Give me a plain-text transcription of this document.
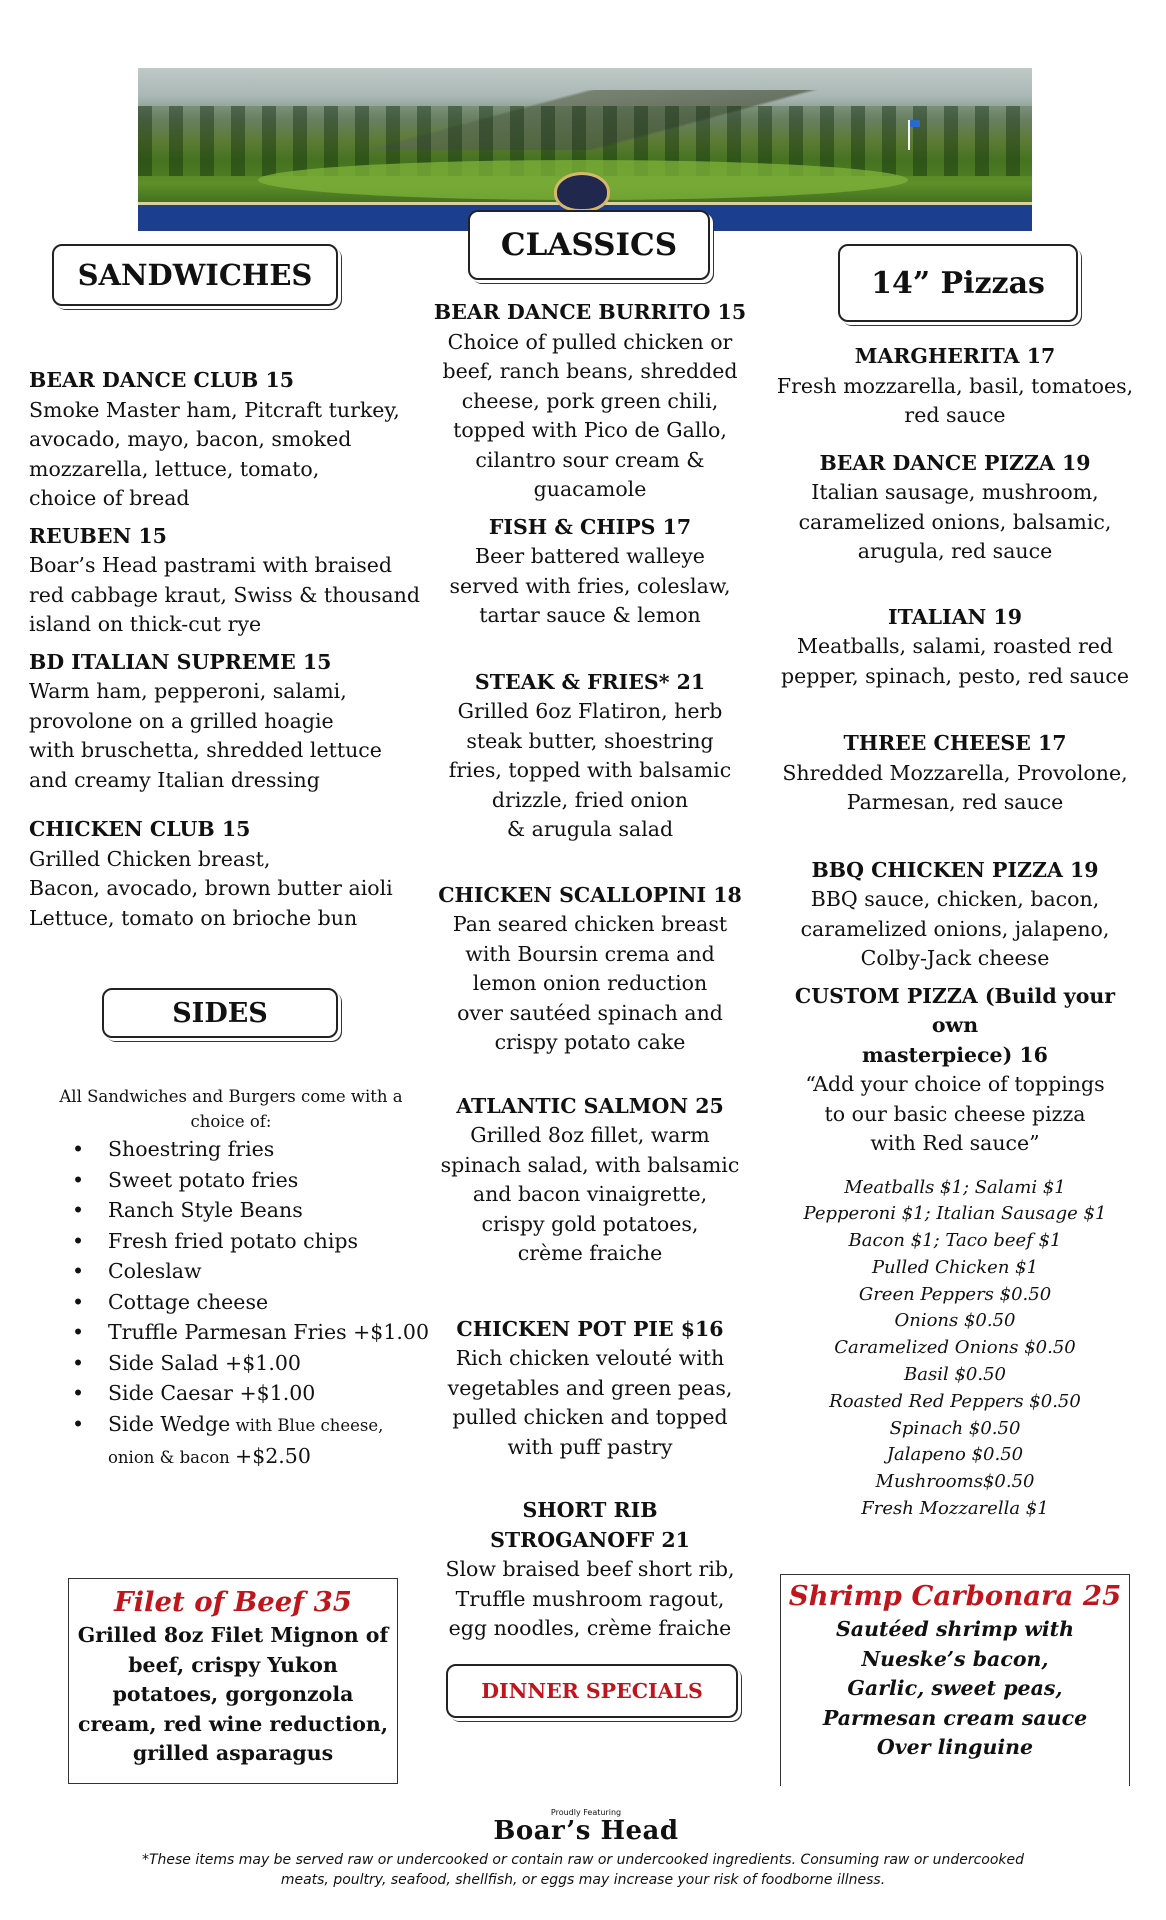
SANDWICHES
CLASSICS
14” Pizzas
SIDES
BEAR DANCE CLUB 15
Smoke Master ham, Pitcraft turkey,
avocado, mayo, bacon, smoked
mozzarella, lettuce, tomato,
choice of bread
REUBEN 15
Boar’s Head pastrami with braised
red cabbage kraut, Swiss & thousand
island on thick-cut rye
BD ITALIAN SUPREME 15
Warm ham, pepperoni, salami,
provolone on a grilled hoagie
with bruschetta, shredded lettuce
and creamy Italian dressing
CHICKEN CLUB 15
Grilled Chicken breast,
Bacon, avocado, brown butter aioli
Lettuce, tomato on brioche bun
All Sandwiches and Burgers come with a
choice of:
• Shoestring fries
• Sweet potato fries
• Ranch Style Beans
• Fresh fried potato chips
• Coleslaw
• Cottage cheese
• Truffle Parmesan Fries +$1.00
• Side Salad +$1.00
• Side Caesar +$1.00
• Side Wedge with Blue cheese,
onion & bacon +$2.50
BEAR DANCE BURRITO 15
Choice of pulled chicken or
beef, ranch beans, shredded
cheese, pork green chili,
topped with Pico de Gallo,
cilantro sour cream &
guacamole
FISH & CHIPS 17
Beer battered walleye
served with fries, coleslaw,
tartar sauce & lemon
STEAK & FRIES* 21
Grilled 6oz Flatiron, herb
steak butter, shoestring
fries, topped with balsamic
drizzle, fried onion
& arugula salad
CHICKEN SCALLOPINI 18
Pan seared chicken breast
with Boursin crema and
lemon onion reduction
over sautéed spinach and
crispy potato cake
ATLANTIC SALMON 25
Grilled 8oz fillet, warm
spinach salad, with balsamic
and bacon vinaigrette,
crispy gold potatoes,
crème fraiche
CHICKEN POT PIE $16
Rich chicken velouté with
vegetables and green peas,
pulled chicken and topped
with puff pastry
SHORT RIB
STROGANOFF 21
Slow braised beef short rib,
Truffle mushroom ragout,
egg noodles, crème fraiche
DINNER SPECIALS
MARGHERITA 17
Fresh mozzarella, basil, tomatoes,
red sauce
BEAR DANCE PIZZA 19
Italian sausage, mushroom,
caramelized onions, balsamic,
arugula, red sauce
ITALIAN 19
Meatballs, salami, roasted red
pepper, spinach, pesto, red sauce
THREE CHEESE 17
Shredded Mozzarella, Provolone,
Parmesan, red sauce
BBQ CHICKEN PIZZA 19
BBQ sauce, chicken, bacon,
caramelized onions, jalapeno,
Colby-Jack cheese
CUSTOM PIZZA (Build your own
masterpiece) 16
“Add your choice of toppings
to our basic cheese pizza
with Red sauce”
Meatballs $1; Salami $1
Pepperoni $1; Italian Sausage $1
Bacon $1; Taco beef $1
Pulled Chicken $1
Green Peppers $0.50
Onions $0.50
Caramelized Onions $0.50
Basil $0.50
Roasted Red Peppers $0.50
Spinach $0.50
Jalapeno $0.50
Mushrooms$0.50
Fresh Mozzarella $1
Filet of Beef 35
Grilled 8oz Filet Mignon of
beef, crispy Yukon
potatoes, gorgonzola
cream, red wine reduction,
grilled asparagus
Shrimp Carbonara 25
Sautéed shrimp with
Nueske’s bacon,
Garlic, sweet peas,
Parmesan cream sauce
Over linguine
Proudly Featuring
Boar’s Head
*These items may be served raw or undercooked or contain raw or undercooked ingredients. Consuming raw or undercooked
meats, poultry, seafood, shellfish, or eggs may increase your risk of foodborne illness.
